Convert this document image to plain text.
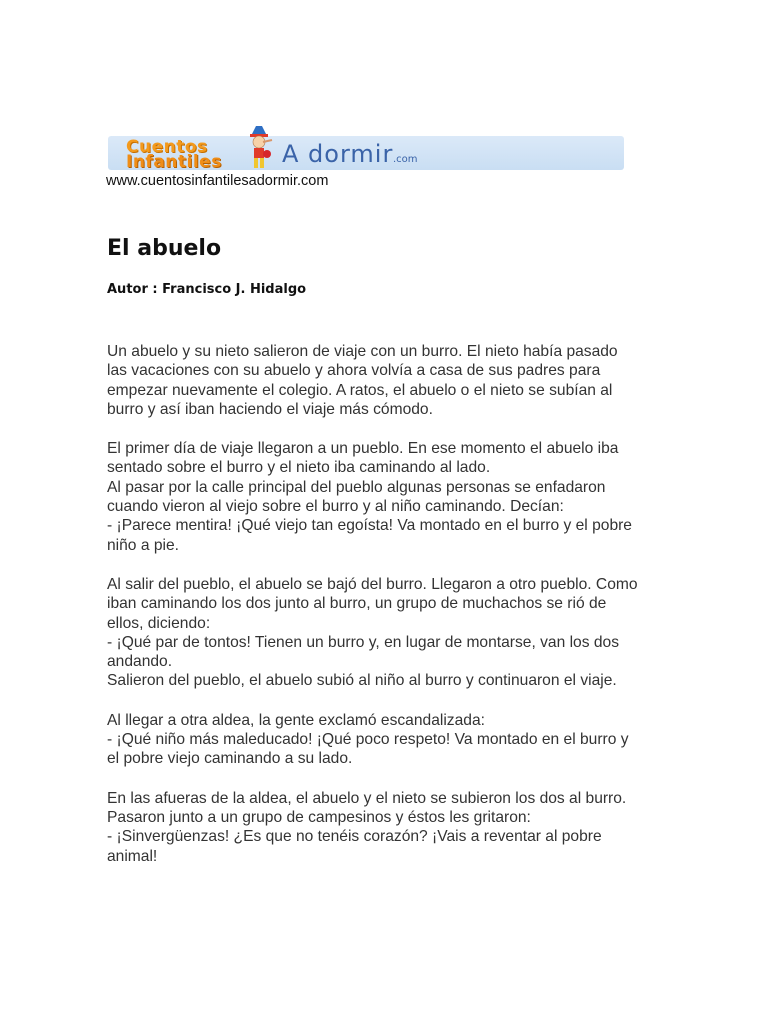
Cuentos
Infantiles	A dormir .com
www.cuentosinfantilesadormir.com
El abuelo
Autor : Francisco J. Hidalgo

Un abuelo y su nieto salieron de viaje con un burro. El nieto había pasado
las vacaciones con su abuelo y ahora volvía a casa de sus padres para
empezar nuevamente el colegio. A ratos, el abuelo o el nieto se subían al
burro y así iban haciendo el viaje más cómodo.

El primer día de viaje llegaron a un pueblo. En ese momento el abuelo iba
sentado sobre el burro y el nieto iba caminando al lado.
Al pasar por la calle principal del pueblo algunas personas se enfadaron
cuando vieron al viejo sobre el burro y al niño caminando. Decían:
- ¡Parece mentira! ¡Qué viejo tan egoísta! Va montado en el burro y el pobre
niño a pie.

Al salir del pueblo, el abuelo se bajó del burro. Llegaron a otro pueblo. Como
iban caminando los dos junto al burro, un grupo de muchachos se rió de
ellos, diciendo:
- ¡Qué par de tontos! Tienen un burro y, en lugar de montarse, van los dos
andando.
Salieron del pueblo, el abuelo subió al niño al burro y continuaron el viaje.

Al llegar a otra aldea, la gente exclamó escandalizada:
- ¡Qué niño más maleducado! ¡Qué poco respeto! Va montado en el burro y
el pobre viejo caminando a su lado.

En las afueras de la aldea, el abuelo y el nieto se subieron los dos al burro.
Pasaron junto a un grupo de campesinos y éstos les gritaron:
- ¡Sinvergüenzas! ¿Es que no tenéis corazón? ¡Vais a reventar al pobre
animal!
